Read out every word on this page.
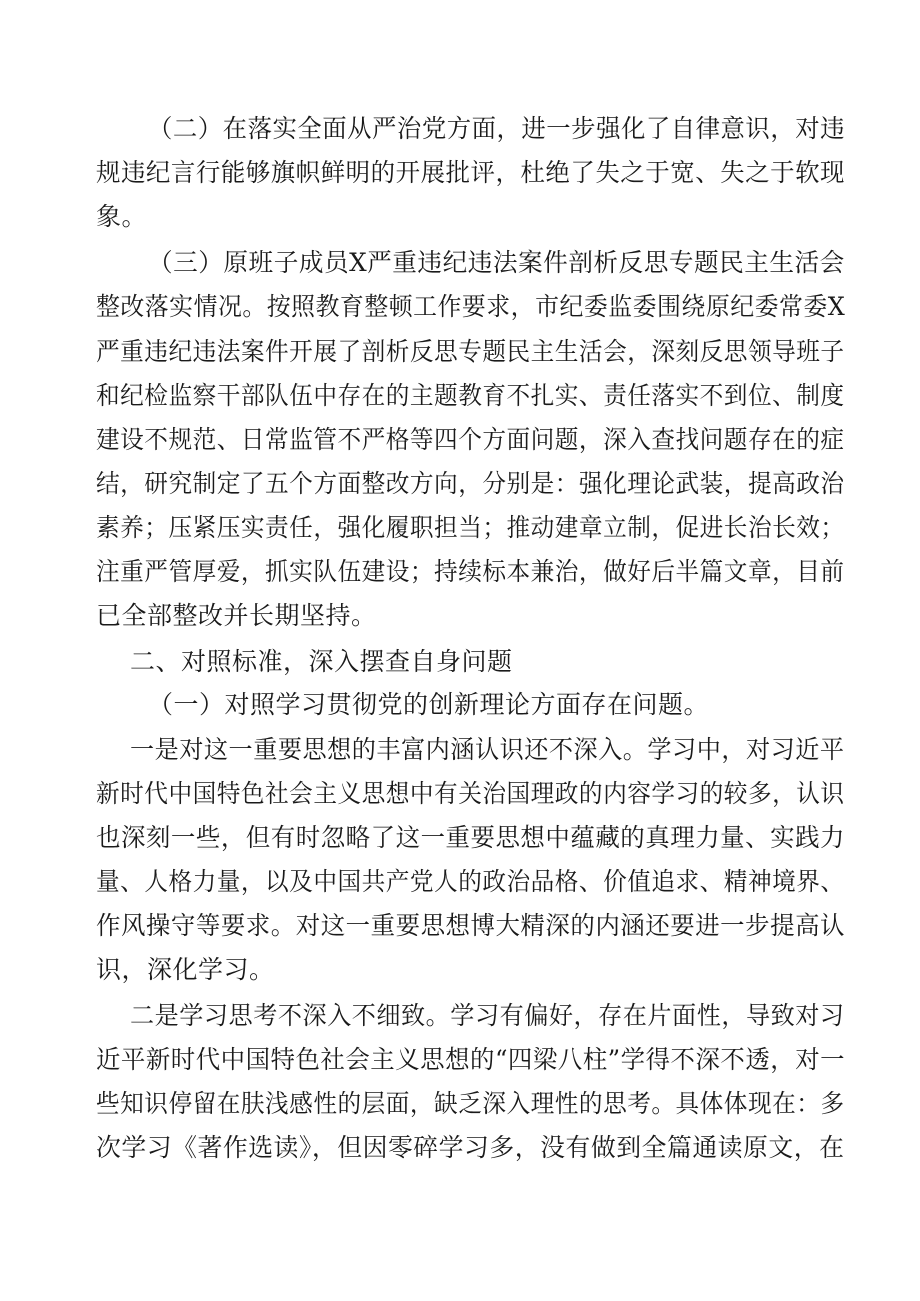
（二）在落实全面从严治党方面，进一步强化了自律意识，对违
规违纪言行能够旗帜鲜明的开展批评，杜绝了失之于宽、失之于软现
象。
（三）原班子成员X严重违纪违法案件剖析反思专题民主生活会
整改落实情况。按照教育整顿工作要求，市纪委监委围绕原纪委常委X
严重违纪违法案件开展了剖析反思专题民主生活会，深刻反思领导班子
和纪检监察干部队伍中存在的主题教育不扎实、责任落实不到位、制度
建设不规范、日常监管不严格等四个方面问题，深入查找问题存在的症
结，研究制定了五个方面整改方向，分别是：强化理论武装，提高政治
素养；压紧压实责任，强化履职担当；推动建章立制，促进长治长效；
注重严管厚爱，抓实队伍建设；持续标本兼治，做好后半篇文章，目前
已全部整改并长期坚持。
二、对照标准，深入摆查自身问题
（一）对照学习贯彻党的创新理论方面存在问题。
一是对这一重要思想的丰富内涵认识还不深入。学习中，对习近平
新时代中国特色社会主义思想中有关治国理政的内容学习的较多，认识
也深刻一些，但有时忽略了这一重要思想中蕴藏的真理力量、实践力
量、人格力量，以及中国共产党人的政治品格、价值追求、精神境界、
作风操守等要求。对这一重要思想博大精深的内涵还要进一步提高认
识，深化学习。
二是学习思考不深入不细致。学习有偏好，存在片面性，导致对习
近平新时代中国特色社会主义思想的“四梁八柱”学得不深不透，对一
些知识停留在肤浅感性的层面，缺乏深入理性的思考。具体体现在：多
次学习《著作选读》，但因零碎学习多，没有做到全篇通读原文，在
